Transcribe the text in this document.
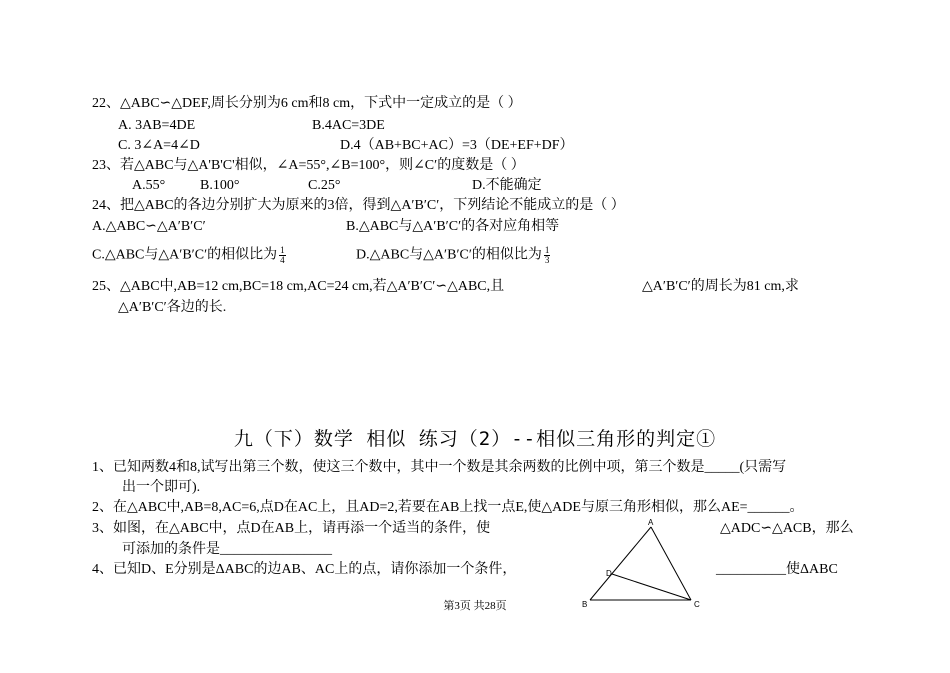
22、△ABC∽△DEF,周长分别为6 cm和8 cm，下式中一定成立的是（ ）
A. 3AB=4DE	B.4AC=3DE
C. 3∠A=4∠D	D.4（AB+BC+AC）=3（DE+EF+DF）
23、若△ABC与△A'B'C'相似，∠A=55°,∠B=100°，则∠C′的度数是（ ）
A.55° B.100°	C.25°	D.不能确定
24、把△ABC的各边分别扩大为原来的3倍，得到△A′B′C′，下列结论不能成立的是（ ）
A.△ABC∽△A′B′C′	B.△ABC与△A′B′C′的各对应角相等
C.△ABC与△A′B′C′的相似比为 $\frac{1}{4}$	D.△ABC与△A′B′C′的相似比为 $\frac{1}{3}$
25、△ABC中,AB=12 cm,BC=18 cm,AC=24 cm,若△A′B′C′∽△ABC,且	△A′B′C′的周长为81 cm,求
△A′B′C′各边的长.
九（下）数学 相似 练习（2）--相似三角形的判定①
1、已知两数4和8,试写出第三个数，使这三个数中，其中一个数是其余两数的比例中项，第三个数是_____(只需写
出一个即可).
2、在△ABC中,AB=8,AC=6,点D在AC上，且AD=2,若要在AB上找一点E,使△ADE与原三角形相似，那么AE=______。
3、如图，在△ABC中，点D在AB上，请再添一个适当的条件，使	△ADC∽△ACB，那么
可添加的条件是________________
4、已知D、E分别是ΔABC的边AB、AC上的点，请你添加一个条件，	__________使ΔABC
A
B	C
D
第3页 共28页
